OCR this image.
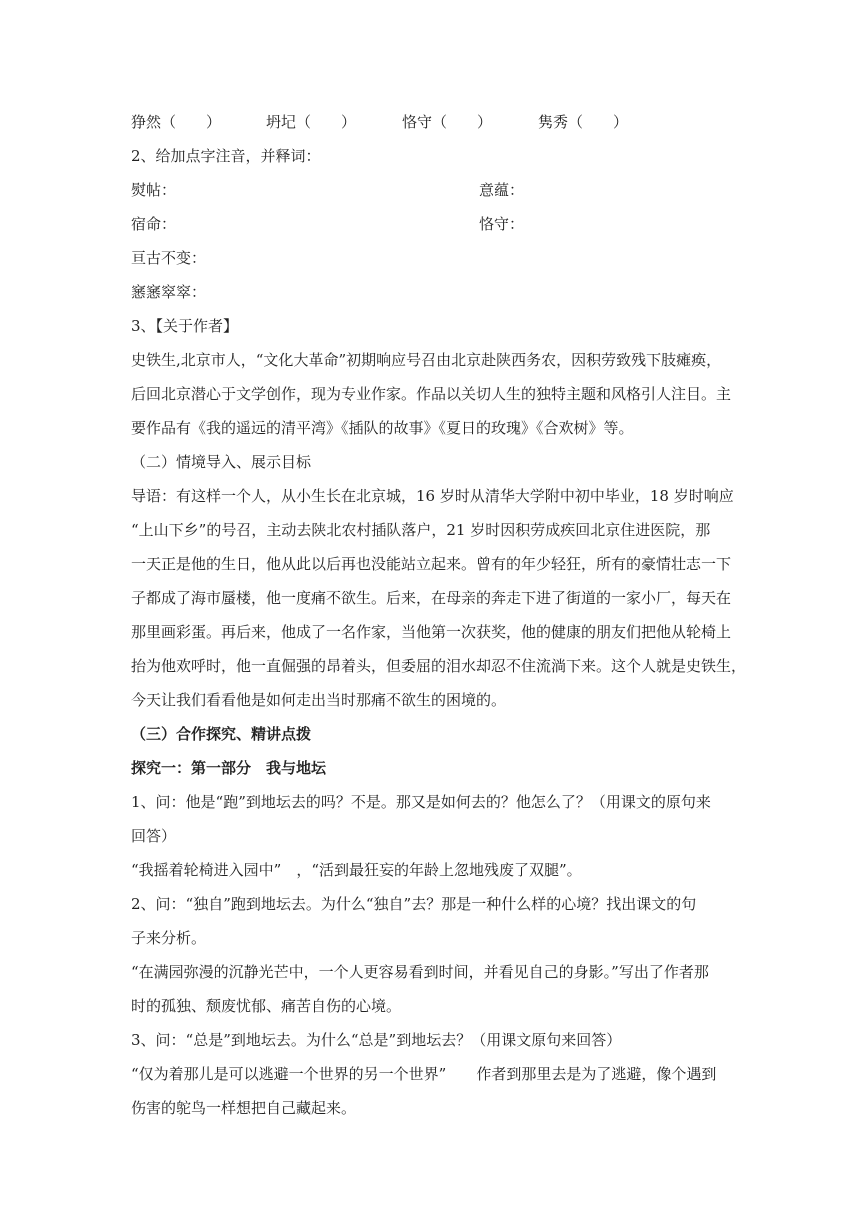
狰然（　　）	坍圮（　　）	恪守（　　）	隽秀（　　）
2、给加点字注音，并释词：
熨帖：	意蕴：
宿命：	恪守：
亘古不变：
窸窸窣窣：
3、【关于作者】
史铁生,北京市人，“文化大革命”初期响应号召由北京赴陕西务农，因积劳致残下肢瘫痪，
后回北京潜心于文学创作，现为专业作家。作品以关切人生的独特主题和风格引人注目。主
要作品有《我的遥远的清平湾》《插队的故事》《夏日的玫瑰》《合欢树》等。
（二）情境导入、展示目标
导语：有这样一个人，从小生长在北京城，16 岁时从清华大学附中初中毕业，18 岁时响应
“上山下乡”的号召，主动去陕北农村插队落户，21 岁时因积劳成疾回北京住进医院，那
一天正是他的生日，他从此以后再也没能站立起来。曾有的年少轻狂，所有的豪情壮志一下
子都成了海市蜃楼，他一度痛不欲生。后来，在母亲的奔走下进了街道的一家小厂，每天在
那里画彩蛋。再后来，他成了一名作家，当他第一次获奖，他的健康的朋友们把他从轮椅上
抬为他欢呼时，他一直倔强的昂着头，但委屈的泪水却忍不住流淌下来。这个人就是史铁生，
今天让我们看看他是如何走出当时那痛不欲生的困境的。
（三）合作探究、精讲点拨
探究一：第一部分　我与地坛
1、问：他是“跑”到地坛去的吗？不是。那又是如何去的？他怎么了？（用课文的原句来
回答）
“我摇着轮椅进入园中”　，“活到最狂妄的年龄上忽地残废了双腿”。
2、问：“独自”跑到地坛去。为什么“独自”去？那是一种什么样的心境？找出课文的句
子来分析。
“在满园弥漫的沉静光芒中，一个人更容易看到时间，并看见自己的身影。”写出了作者那
时的孤独、颓废忧郁、痛苦自伤的心境。
3、问：“总是”到地坛去。为什么“总是”到地坛去？（用课文原句来回答）
“仅为着那儿是可以逃避一个世界的另一个世界”　　作者到那里去是为了逃避，像个遇到
伤害的鸵鸟一样想把自己藏起来。
